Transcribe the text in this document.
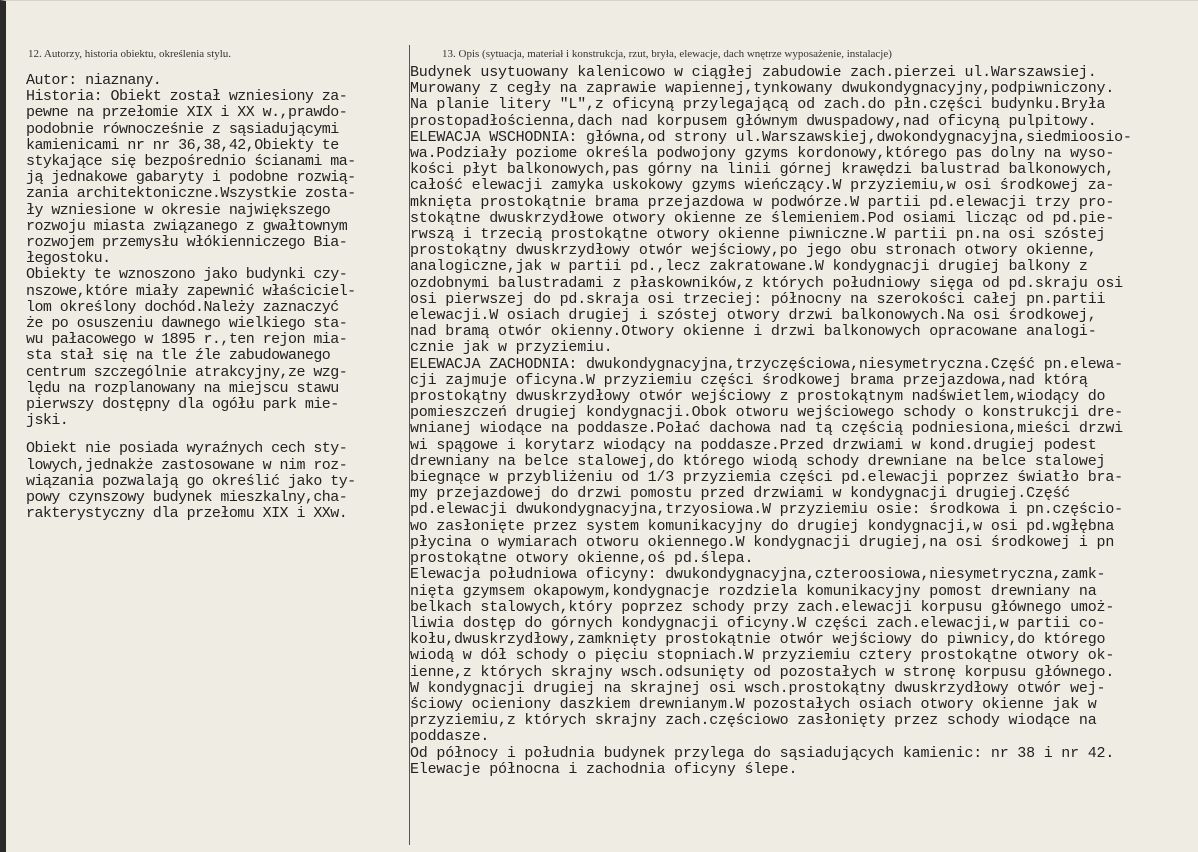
12. Autorzy, historia obiektu, określenia stylu.	13. Opis (sytuacja, materiał i konstrukcja, rzut, bryła, elewacje, dach wnętrze wyposażenie, instalacje)
Autor: niaznany.
Historia: Obiekt został wzniesiony za-
pewne na przełomie XIX i XX w.,prawdo-
podobnie równocześnie z sąsiadującymi
kamienicami nr nr 36,38,42,Obiekty te
stykające się bezpośrednio ścianami ma-
ją jednakowe gabaryty i podobne rozwią-
zania architektoniczne.Wszystkie zosta-
ły wzniesione w okresie największego
rozwoju miasta związanego z gwałtownym
rozwojem przemysłu włókienniczego Bia-
łegostoku.
Obiekty te wznoszono jako budynki czy-
nszowe,które miały zapewnić właściciel-
lom określony dochód.Należy zaznaczyć
że po osuszeniu dawnego wielkiego sta-
wu pałacowego w 1895 r.,ten rejon mia-
sta stał się na tle źle zabudowanego
centrum szczególnie atrakcyjny,ze wzg-
lędu na rozplanowany na miejscu stawu
pierwszy dostępny dla ogółu park mie-
jski.
Obiekt nie posiada wyraźnych cech sty-
lowych,jednakże zastosowane w nim roz-
wiązania pozwalają go określić jako ty-
powy czynszowy budynek mieszkalny,cha-
rakterystyczny dla przełomu XIX i XXw.
Budynek usytuowany kalenicowo w ciągłej zabudowie zach.pierzei ul.Warszawsiej.
Murowany z cegły na zaprawie wapiennej,tynkowany dwukondygnacyjny,podpiwniczony.
Na planie litery "L",z oficyną przylegającą od zach.do płn.części budynku.Bryła
prostopadłościenna,dach nad korpusem głównym dwuspadowy,nad oficyną pulpitowy.
ELEWACJA WSCHODNIA: główna,od strony ul.Warszawskiej,dwokondygnacyjna,siedmioosio-
wa.Podziały poziome określa podwojony gzyms kordonowy,którego pas dolny na wyso-
kości płyt balkonowych,pas górny na linii górnej krawędzi balustrad balkonowych,
całość elewacji zamyka uskokowy gzyms wieńczący.W przyziemiu,w osi środkowej za-
mknięta prostokątnie brama przejazdowa w podwórze.W partii pd.elewacji trzy pro-
stokątne dwuskrzydłowe otwory okienne ze ślemieniem.Pod osiami licząc od pd.pie-
rwszą i trzecią prostokątne otwory okienne piwniczne.W partii pn.na osi szóstej
prostokątny dwuskrzydłowy otwór wejściowy,po jego obu stronach otwory okienne,
analogiczne,jak w partii pd.,lecz zakratowane.W kondygnacji drugiej balkony z
ozdobnymi balustradami z płaskowników,z których południowy sięga od pd.skraju osi
osi pierwszej do pd.skraja osi trzeciej: północny na szerokości całej pn.partii
elewacji.W osiach drugiej i szóstej otwory drzwi balkonowych.Na osi środkowej,
nad bramą otwór okienny.Otwory okienne i drzwi balkonowych opracowane analogi-
cznie jak w przyziemiu.
ELEWACJA ZACHODNIA: dwukondygnacyjna,trzyczęściowa,niesymetryczna.Część pn.elewa-
cji zajmuje oficyna.W przyziemiu części środkowej brama przejazdowa,nad którą
prostokątny dwuskrzydłowy otwór wejściowy z prostokątnym nadświetlem,wiodący do
pomieszczeń drugiej kondygnacji.Obok otworu wejściowego schody o konstrukcji dre-
wnianej wiodące na poddasze.Połać dachowa nad tą częścią podniesiona,mieści drzwi
wi spągowe i korytarz wiodący na poddasze.Przed drzwiami w kond.drugiej podest
drewniany na belce stalowej,do którego wiodą schody drewniane na belce stalowej
biegnące w przybliżeniu od 1/3 przyziemia części pd.elewacji poprzez światło bra-
my przejazdowej do drzwi pomostu przed drzwiami w kondygnacji drugiej.Część
pd.elewacji dwukondygnacyjna,trzyosiowa.W przyziemiu osie: środkowa i pn.częścio-
wo zasłonięte przez system komunikacyjny do drugiej kondygnacji,w osi pd.wgłębna
płycina o wymiarach otworu okiennego.W kondygnacji drugiej,na osi środkowej i pn
prostokątne otwory okienne,oś pd.ślepa.
Elewacja południowa oficyny: dwukondygnacyjna,czteroosiowa,niesymetryczna,zamk-
nięta gzymsem okapowym,kondygnacje rozdziela komunikacyjny pomost drewniany na
belkach stalowych,który poprzez schody przy zach.elewacji korpusu głównego umoż-
liwia dostęp do górnych kondygnacji oficyny.W części zach.elewacji,w partii co-
kołu,dwuskrzydłowy,zamknięty prostokątnie otwór wejściowy do piwnicy,do którego
wiodą w dół schody o pięciu stopniach.W przyziemiu cztery prostokątne otwory ok-
ienne,z których skrajny wsch.odsunięty od pozostałych w stronę korpusu głównego.
W kondygnacji drugiej na skrajnej osi wsch.prostokątny dwuskrzydłowy otwór wej-
ściowy ocieniony daszkiem drewnianym.W pozostałych osiach otwory okienne jak w
przyziemiu,z których skrajny zach.częściowo zasłonięty przez schody wiodące na
poddasze.
Od północy i południa budynek przylega do sąsiadujących kamienic: nr 38 i nr 42.
Elewacje północna i zachodnia oficyny ślepe.
